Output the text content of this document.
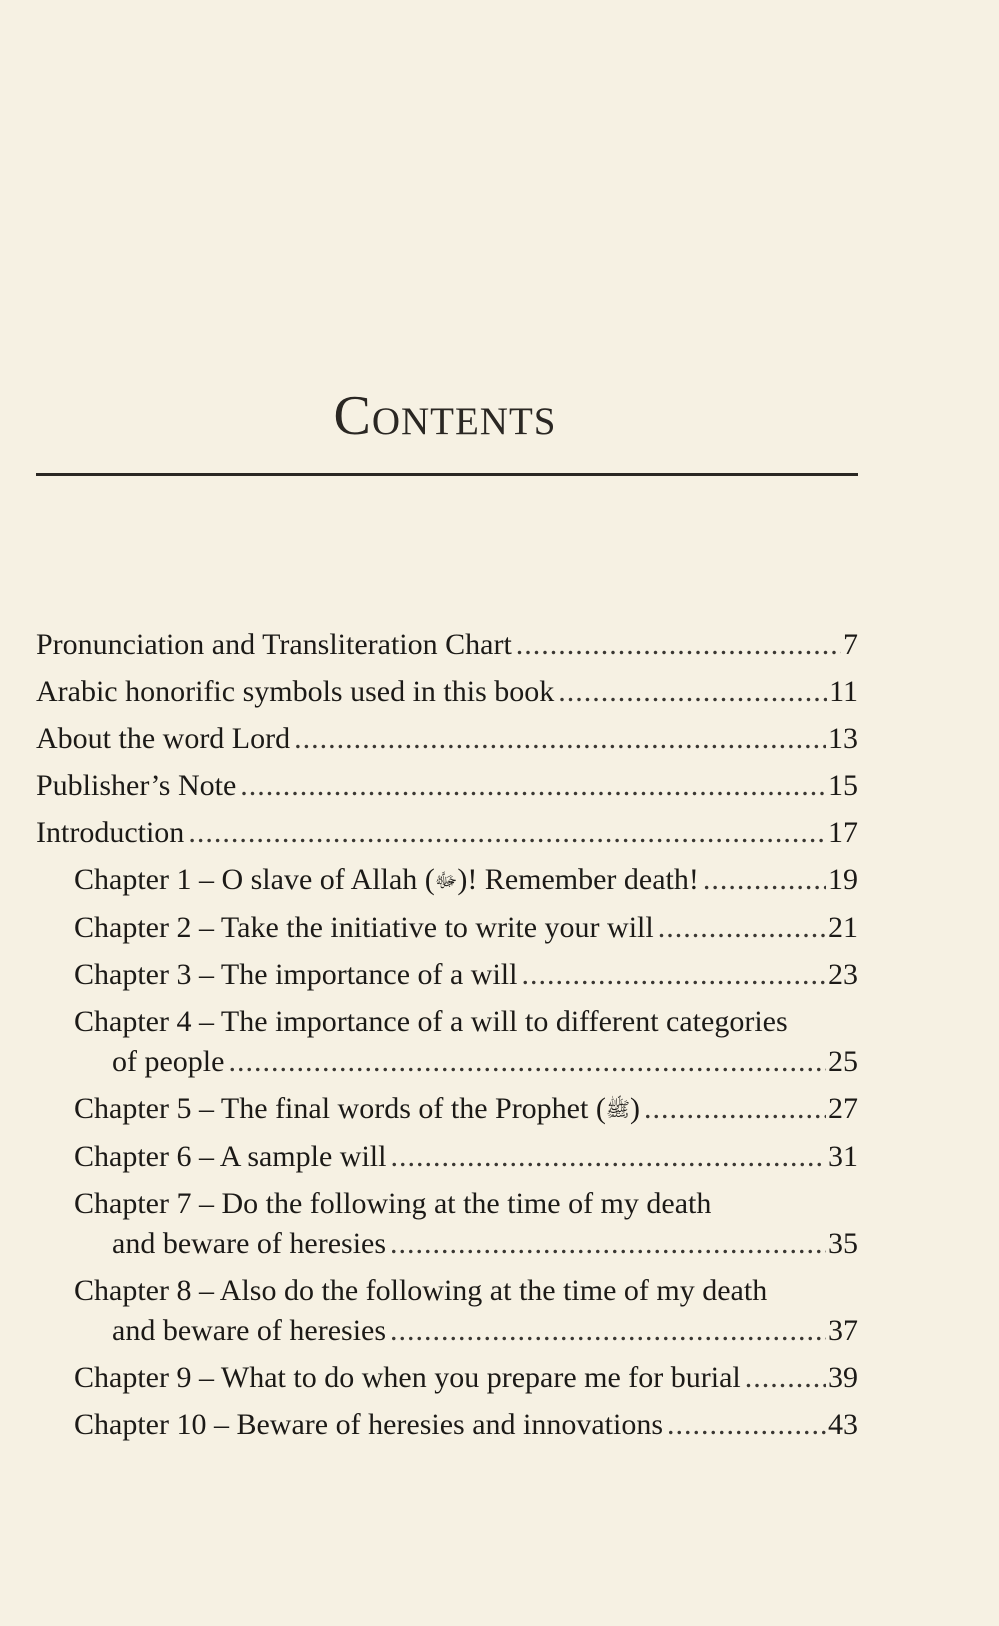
Contents
Pronunciation and Transliteration Chart .....	7
Arabic honorific symbols used in this book .....	11
About the word Lord .....	13
Publisher’s Note .....	15
Introduction .....	17
Chapter 1 – O slave of Allah (ﷻ)! Remember death! .....	19
Chapter 2 – Take the initiative to write your will .....	21
Chapter 3 – The importance of a will .....	23
Chapter 4 – The importance of a will to different categories
of people .....	25
Chapter 5 – The final words of the Prophet (ﷺ) .....	27
Chapter 6 – A sample will .....	31
Chapter 7 – Do the following at the time of my death
and beware of heresies .....	35
Chapter 8 – Also do the following at the time of my death
and beware of heresies .....	37
Chapter 9 – What to do when you prepare me for burial .....	39
Chapter 10 – Beware of heresies and innovations .....	43
